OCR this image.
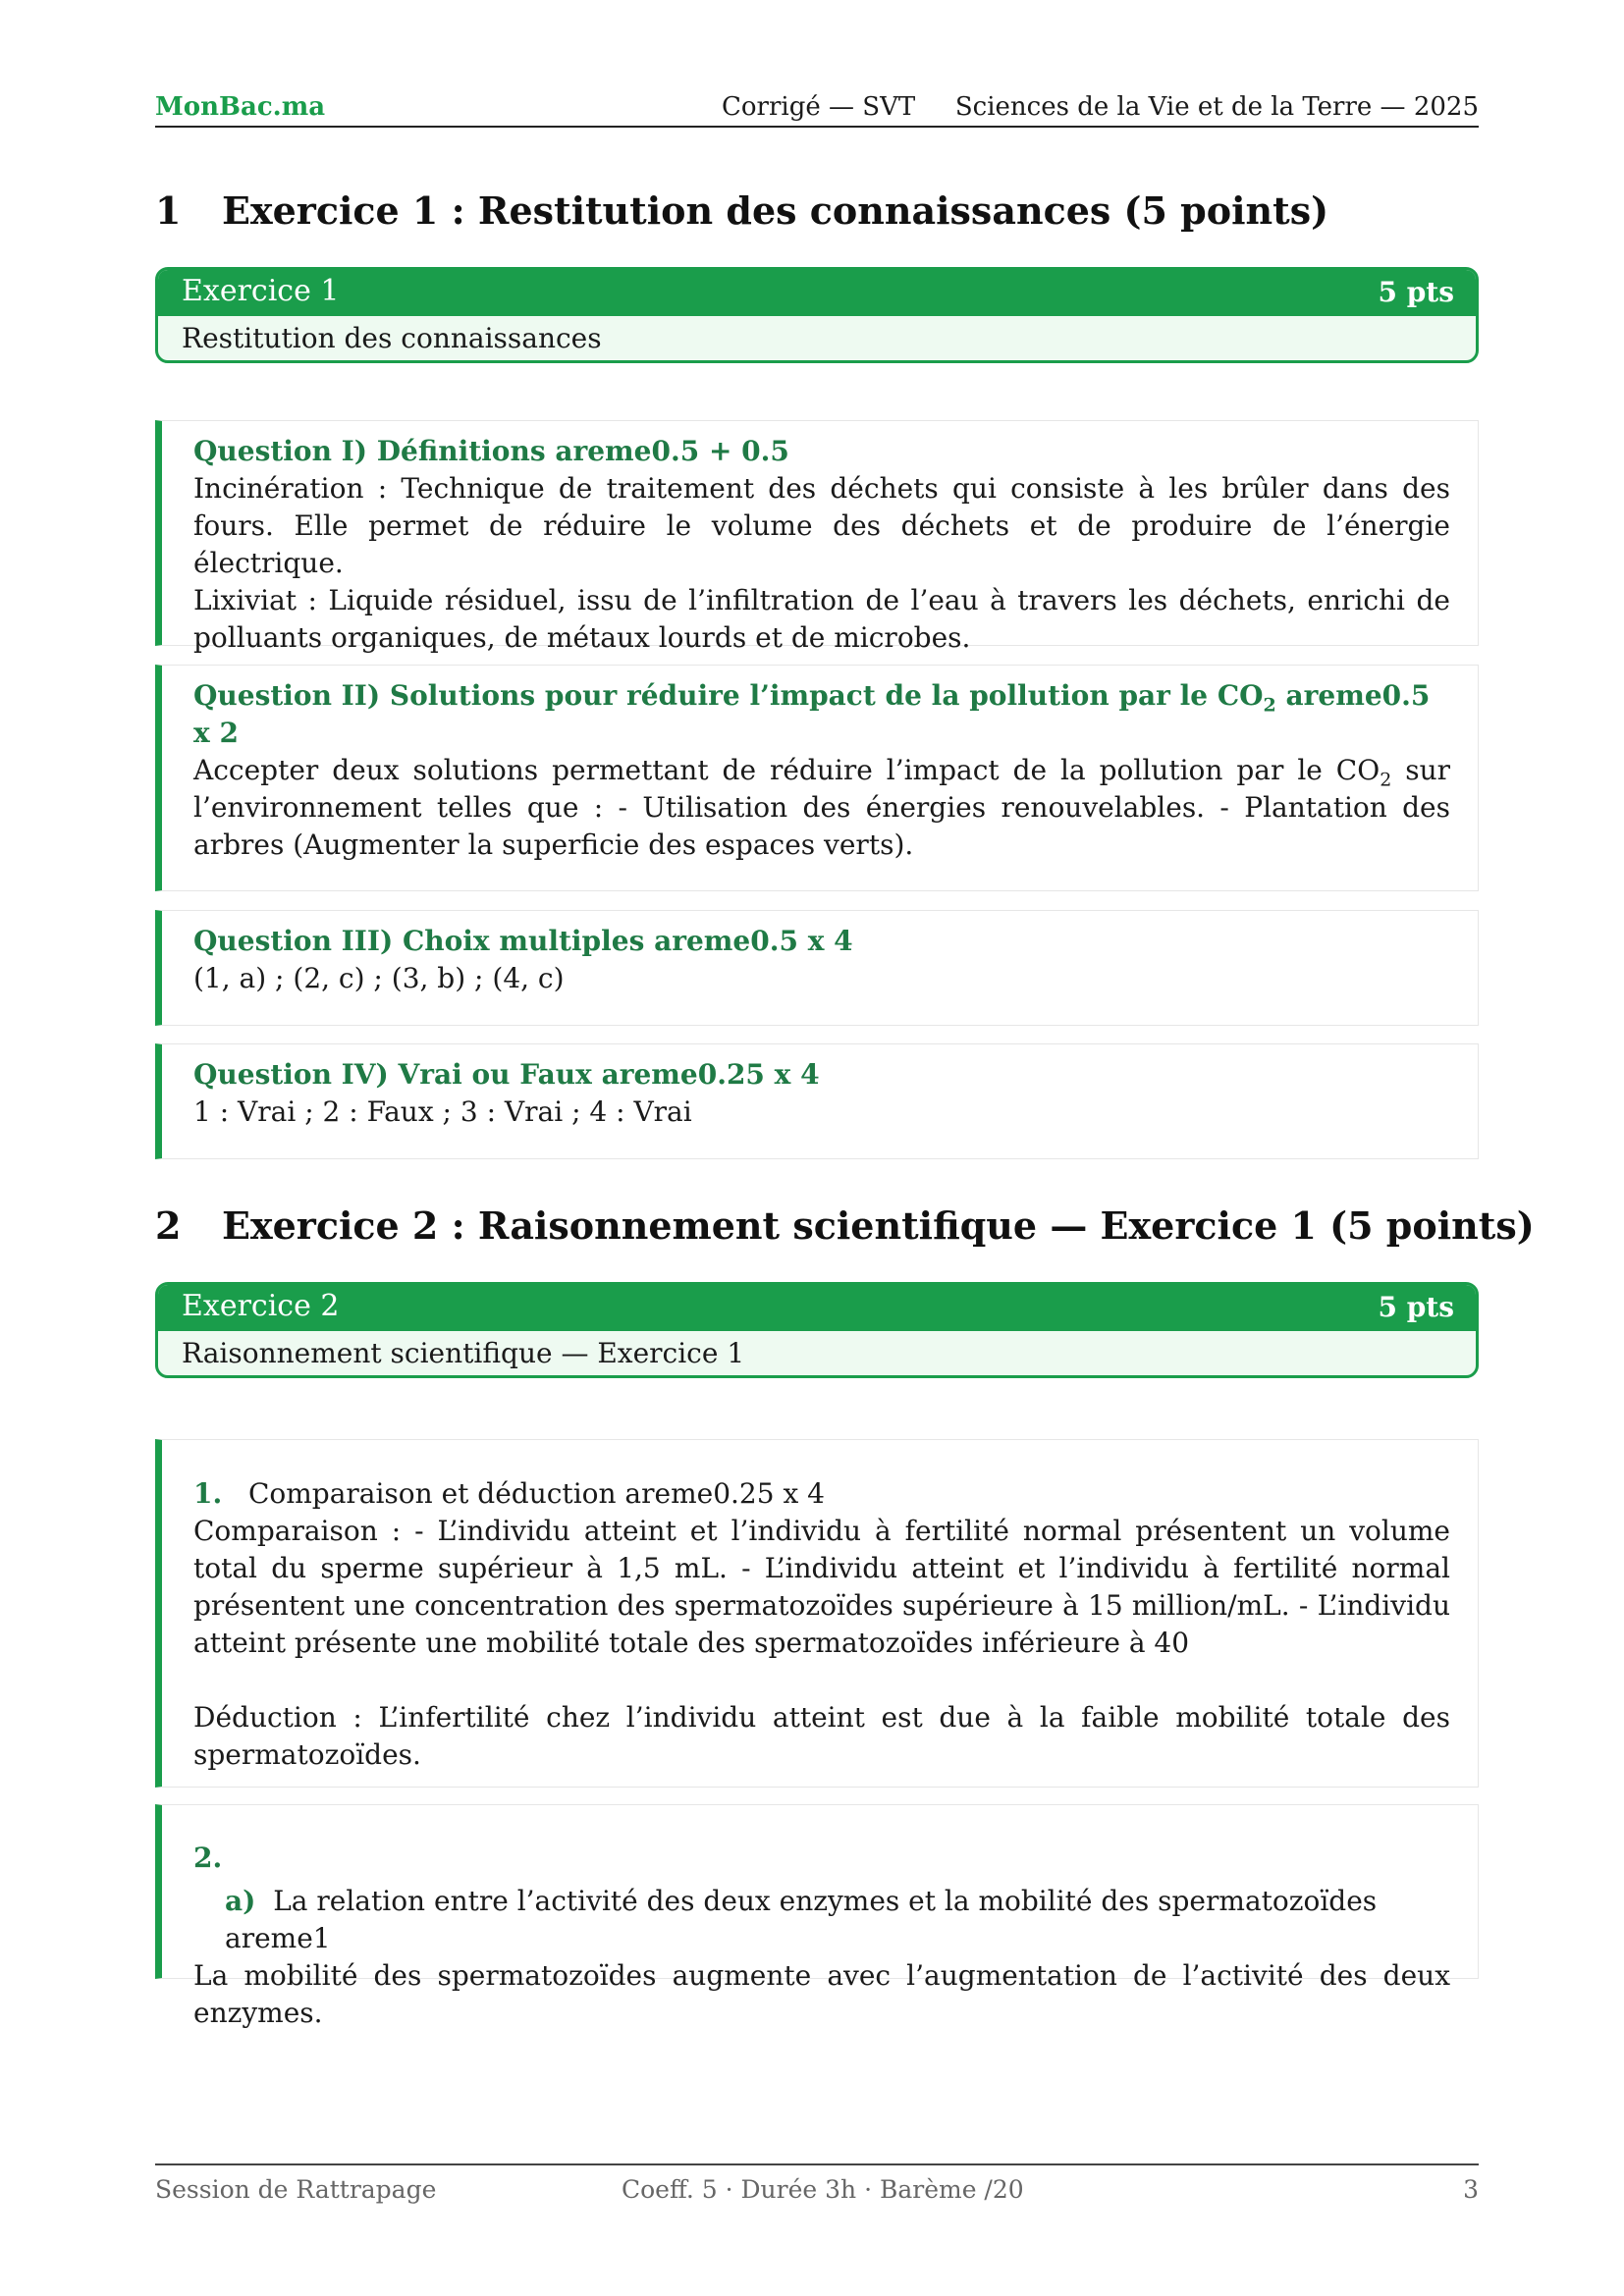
MonBac.ma	Corrigé — SVT Sciences de la Vie et de la Terre — 2025
1 Exercice 1 : Restitution des connaissances (5 points)
Exercice 1	5 pts
Restitution des connaissances
Question I) Définitions areme0.5 + 0.5
Incinération : Technique de traitement des déchets qui consiste à les brûler dans des fours. Elle permet de réduire le volume des déchets et de produire de l’énergie électrique.
Lixiviat : Liquide résiduel, issu de l’infiltration de l’eau à travers les déchets, enrichi de polluants organiques, de métaux lourds et de microbes.
Question II) Solutions pour réduire l’impact de la pollution par le $CO_2$ areme0.5 x 2
Accepter deux solutions permettant de réduire l’impact de la pollution par le $CO_2$ sur l’environnement telles que : - Utilisation des énergies renouvelables. - Plantation des arbres (Augmenter la superficie des espaces verts).
Question III) Choix multiples areme0.5 x 4
(1, a) ; (2, c) ; (3, b) ; (4, c)
Question IV) Vrai ou Faux areme0.25 x 4
1 : Vrai ; 2 : Faux ; 3 : Vrai ; 4 : Vrai
2 Exercice 2 : Raisonnement scientifique — Exercice 1 (5 points)
Exercice 2	5 pts
Raisonnement scientifique — Exercice 1
1. Comparaison et déduction areme0.25 x 4
Comparaison : - L’individu atteint et l’individu à fertilité normal présentent un volume total du sperme supérieur à 1,5 mL. - L’individu atteint et l’individu à fertilité normal présentent une concentration des spermatozoïdes supérieure à 15 million/mL. - L’individu atteint présente une mobilité totale des spermatozoïdes inférieure à 40
Déduction : L’infertilité chez l’individu atteint est due à la faible mobilité totale des spermatozoïdes.
2.
a) La relation entre l’activité des deux enzymes et la mobilité des spermatozoïdes areme1
La mobilité des spermatozoïdes augmente avec l’augmentation de l’activité des deux enzymes.
Session de Rattrapage	Coeff. 5 · Durée 3h · Barème /20	3
